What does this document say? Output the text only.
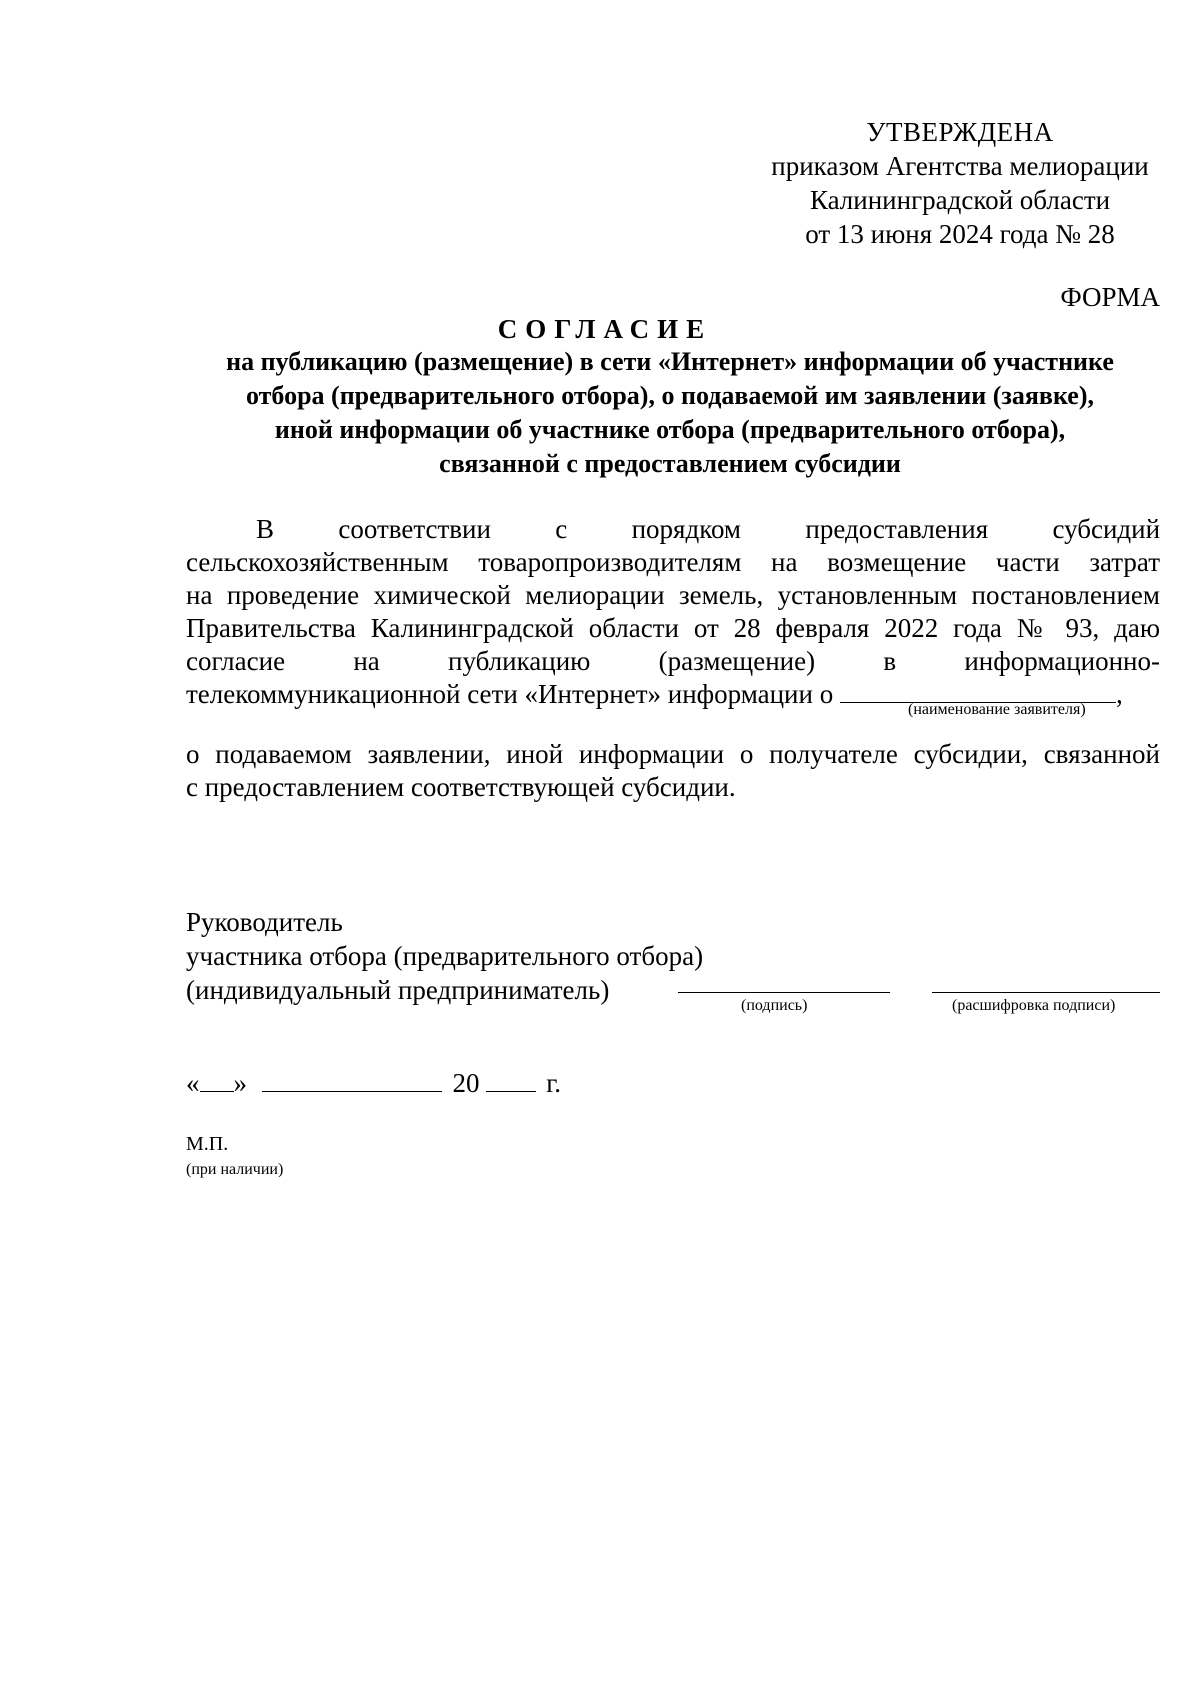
УТВЕРЖДЕНА
приказом Агентства мелиорации
Калининградской области
от 13 июня 2024 года № 28
ФОРМА
СОГЛАСИЕ
на публикацию (размещение) в сети «Интернет» информации об участнике
отбора (предварительного отбора), о подаваемой им заявлении (заявке),
иной информации об участнике отбора (предварительного отбора),
связанной с предоставлением субсидии
В соответствии с порядком предоставления субсидий
сельскохозяйственным товаропроизводителям на возмещение части затрат
на проведение химической мелиорации земель, установленным постановлением
Правительства Калининградской области от 28 февраля 2022 года № 93, даю
согласие	на	публикацию	(размещение)	в	информационно-
телекоммуникационной сети «Интернет» информации о	,
(наименование заявителя)
о подаваемом заявлении, иной информации о получателе субсидии, связанной
с предоставлением соответствующей субсидии.
Руководитель
участника отбора (предварительного отбора)
(индивидуальный предприниматель)
(подпись)	(расшифровка подписи)
« »	20 г.
М.П.
(при наличии)
